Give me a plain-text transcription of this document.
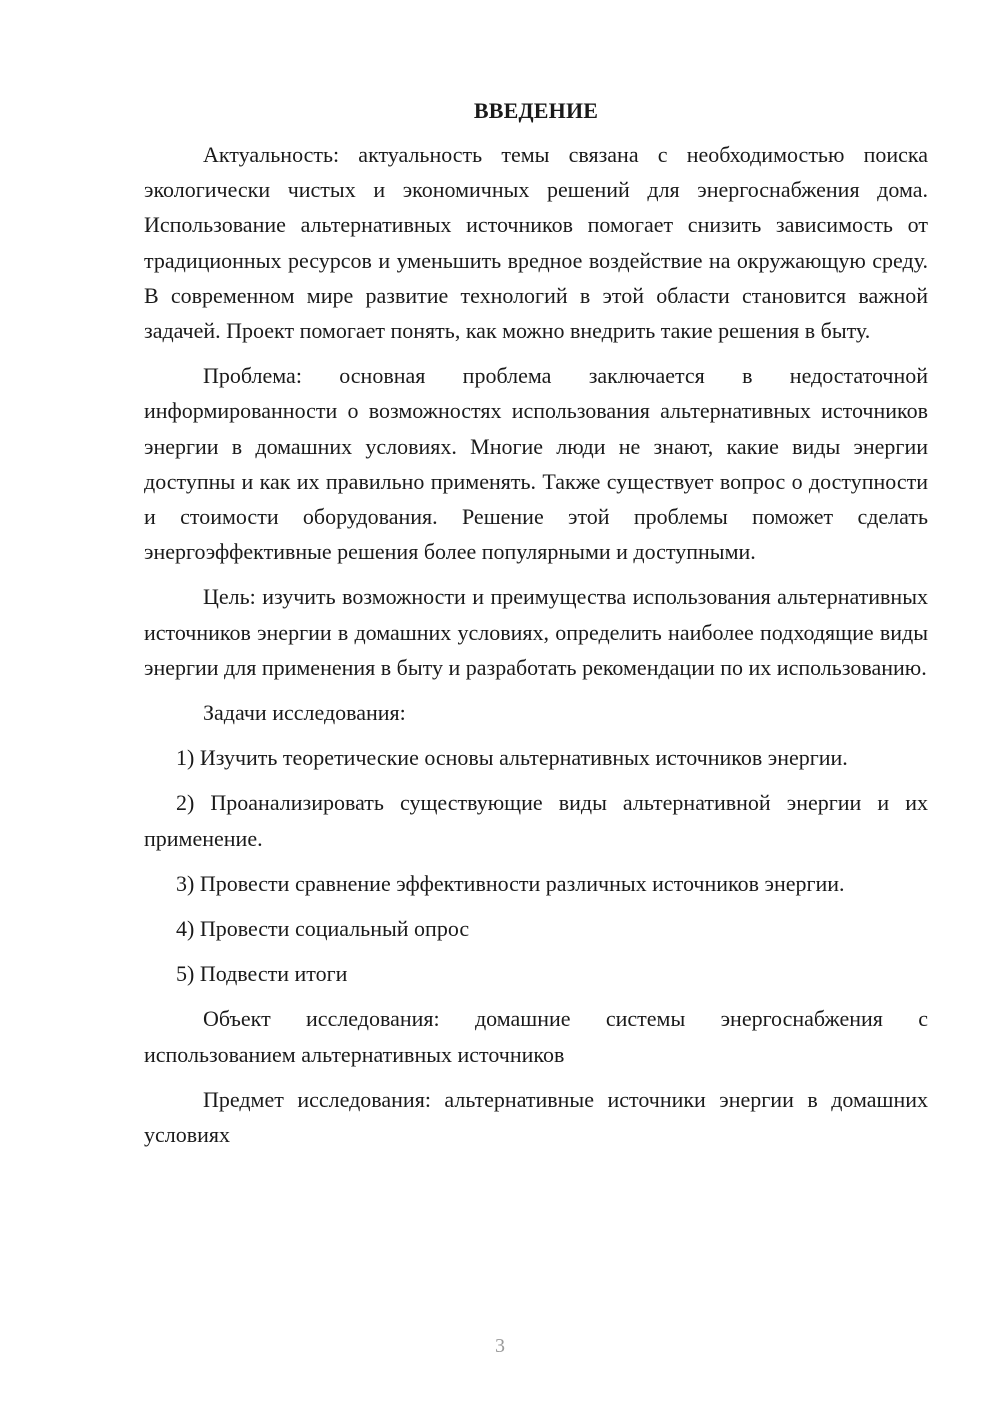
ВВЕДЕНИЕ

Актуальность: актуальность темы связана с необходимостью поиска экологически чистых и экономичных решений для энергоснабжения дома. Использование альтернативных источников помогает снизить зависимость от традиционных ресурсов и уменьшить вредное воздействие на окружающую среду. В современном мире развитие технологий в этой области становится важной задачей. Проект помогает понять, как можно внедрить такие решения в быту.

Проблема: основная проблема заключается в недостаточной информированности о возможностях использования альтернативных источников энергии в домашних условиях. Многие люди не знают, какие виды энергии доступны и как их правильно применять. Также существует вопрос о доступности и стоимости оборудования. Решение этой проблемы поможет сделать энергоэффективные решения более популярными и доступными.

Цель: изучить возможности и преимущества использования альтернативных источников энергии в домашних условиях, определить наиболее подходящие виды энергии для применения в быту и разработать рекомендации по их использованию.

Задачи исследования:

1) Изучить теоретические основы альтернативных источников энергии.

2) Проанализировать существующие виды альтернативной энергии и их применение.

3) Провести сравнение эффективности различных источников энергии.

4) Провести социальный опрос

5) Подвести итоги

Объект исследования: домашние системы энергоснабжения с использованием альтернативных источников

Предмет исследования: альтернативные источники энергии в домашних условиях

3
